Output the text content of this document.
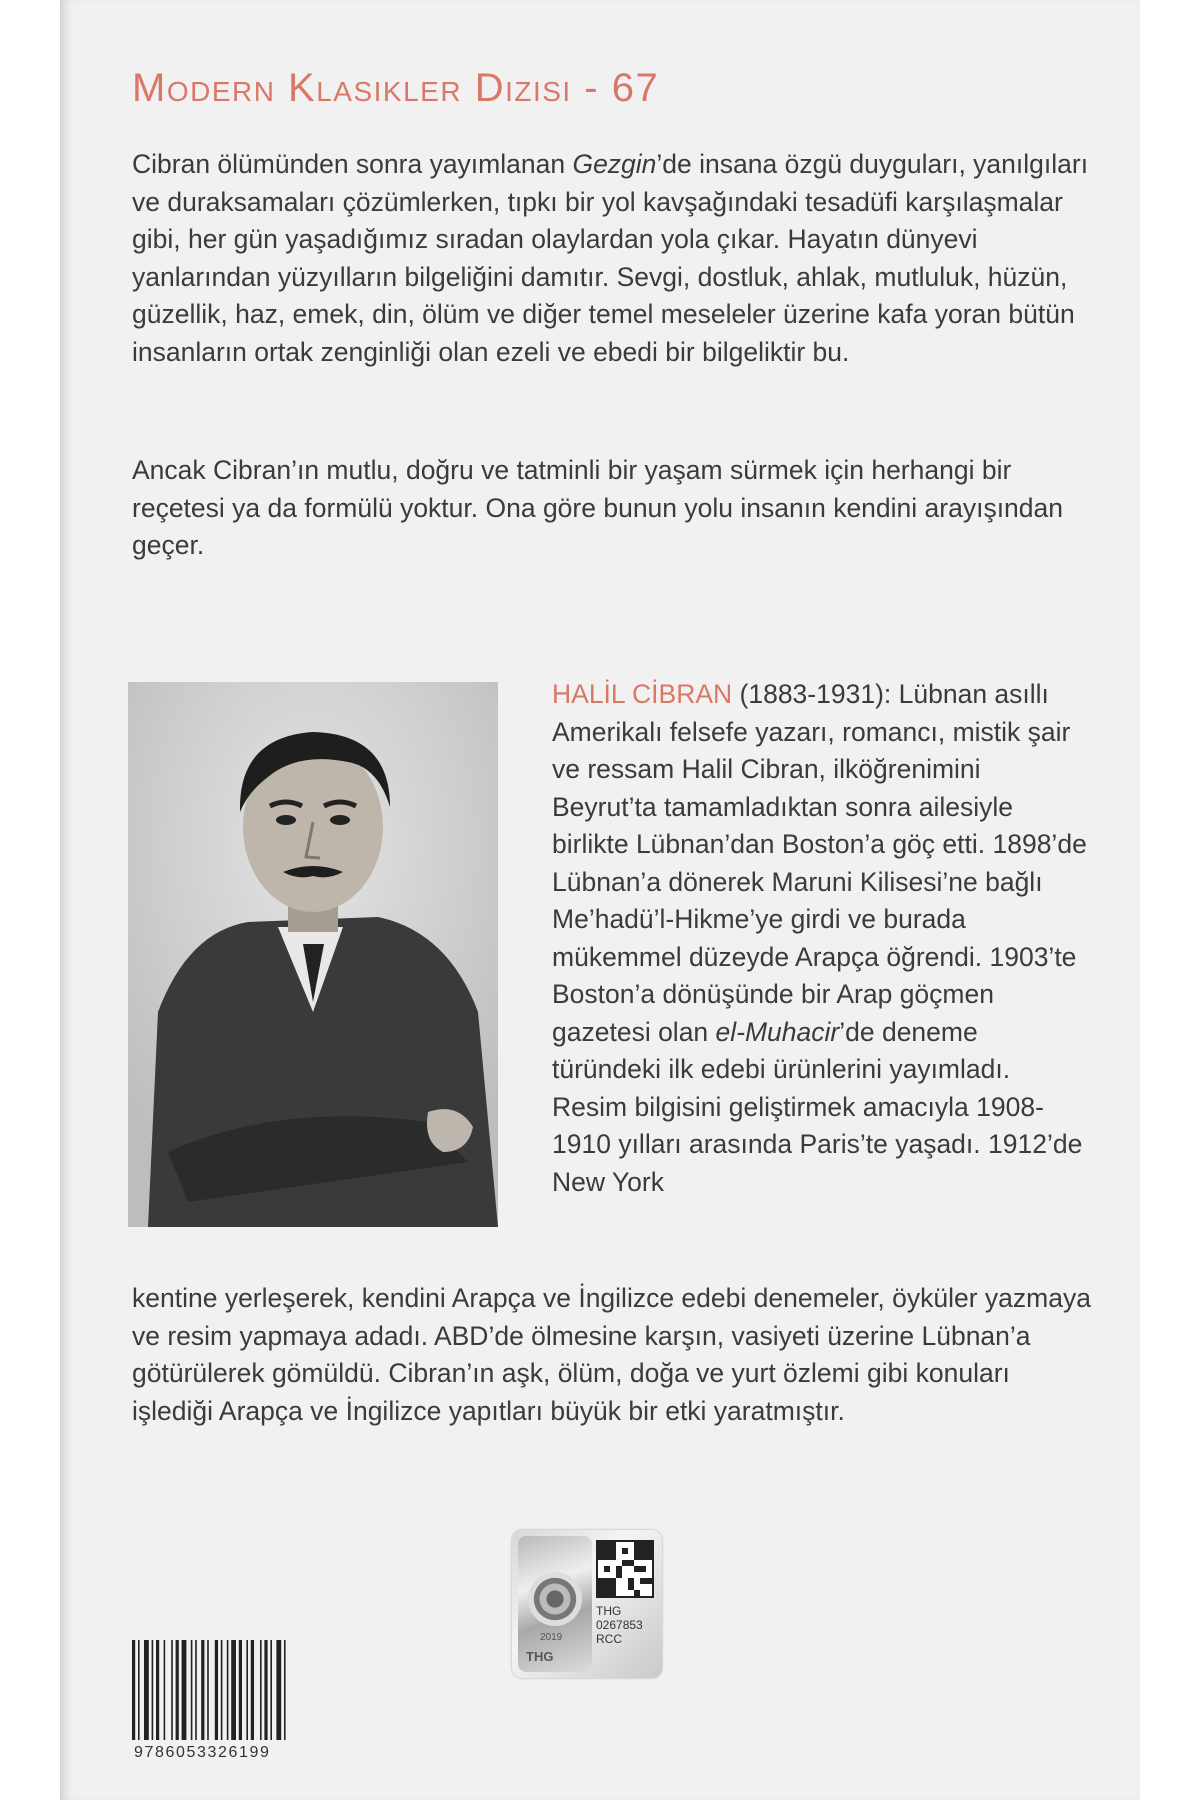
Modern Klasikler Dizisi - 67

Cibran ölümünden sonra yayımlanan Gezgin’de insana özgü duyguları, yanılgıları ve duraksamaları çözümlerken, tıpkı bir yol kavşağındaki tesadüfi karşılaşmalar gibi, her gün yaşadığımız sıradan olaylardan yola çıkar. Hayatın dünyevi yanlarından yüzyılların bilgeliğini damıtır. Sevgi, dostluk, ahlak, mutluluk, hüzün, güzellik, haz, emek, din, ölüm ve diğer temel meseleler üzerine kafa yoran bütün insanların ortak zenginliği olan ezeli ve ebedi bir bilgeliktir bu.

Ancak Cibran’ın mutlu, doğru ve tatminli bir yaşam sürmek için herhangi bir reçetesi ya da formülü yoktur. Ona göre bunun yolu insanın kendini arayışından geçer.

HALİL CİBRAN (1883-1931): Lübnan asıllı Amerikalı felsefe yazarı, romancı, mistik şair ve ressam Halil Cibran, ilköğrenimini Beyrut’ta tamamladıktan sonra ailesiyle birlikte Lübnan’dan Boston’a göç etti. 1898’de Lübnan’a dönerek Maruni Kilisesi’ne bağlı Me’hadü’l-Hikme’ye girdi ve burada mükemmel düzeyde Arapça öğrendi. 1903’te Boston’a dönüşünde bir Arap göçmen gazetesi olan el-Muhacir’de deneme türündeki ilk edebi ürünlerini yayımladı. Resim bilgisini geliştirmek amacıyla 1908-1910 yılları arasında Paris’te yaşadı. 1912’de New York

kentine yerleşerek, kendini Arapça ve İngilizce edebi denemeler, öyküler yazmaya ve resim yapmaya adadı. ABD’de ölmesine karşın, vasiyeti üzerine Lübnan’a götürülerek gömüldü. Cibran’ın aşk, ölüm, doğa ve yurt özlemi gibi konuları işlediği Arapça ve İngilizce yapıtları büyük bir etki yaratmıştır.

2019
THG
THG
0267853
RCC
9786053326199
